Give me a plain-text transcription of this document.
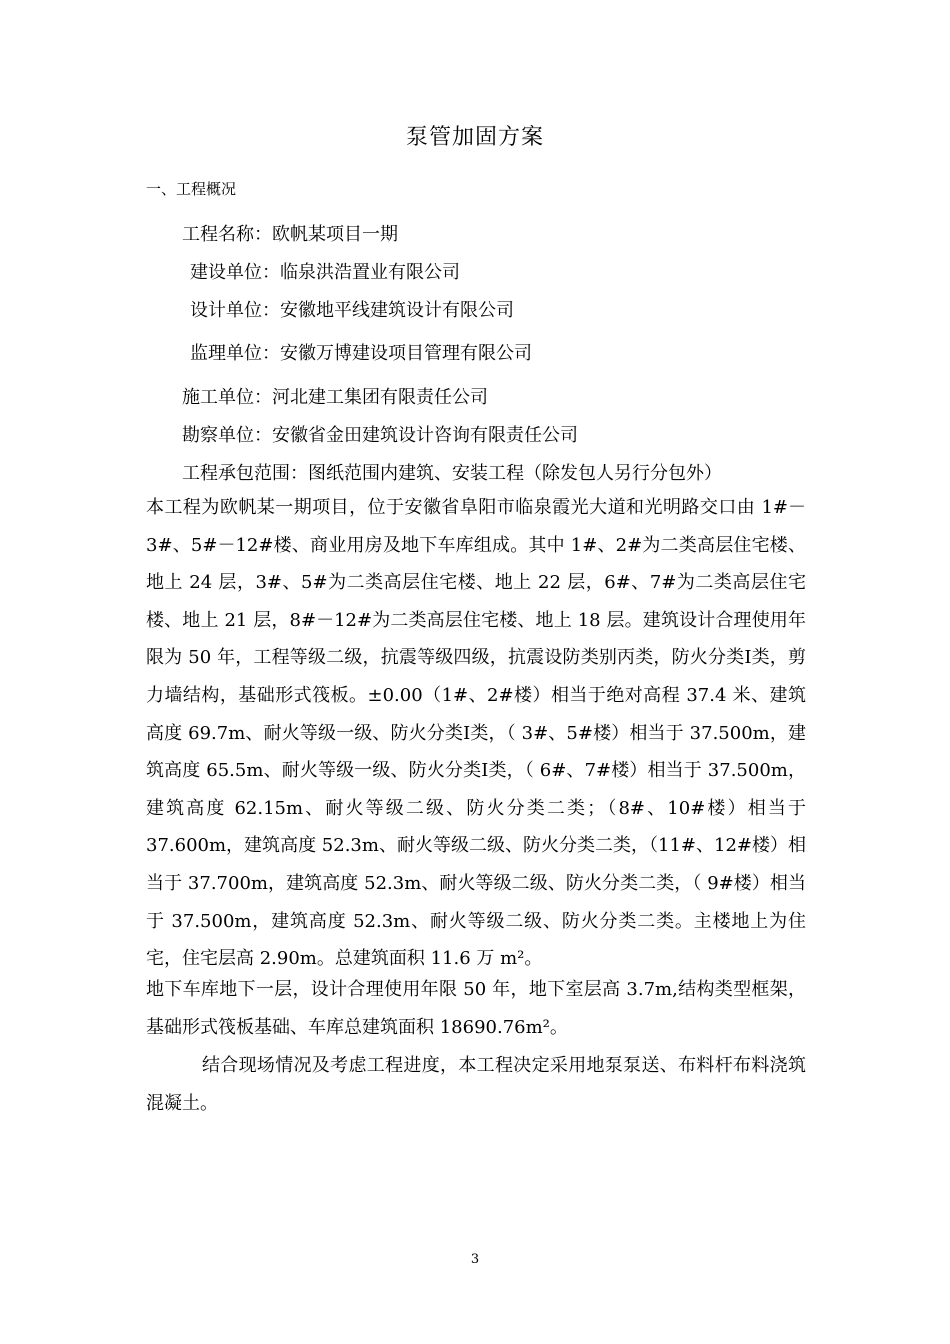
泵管加固方案
一、工程概况
工程名称：欧帆某项目一期
建设单位：临泉洪浩置业有限公司
设计单位：安徽地平线建筑设计有限公司
监理单位：安徽万博建设项目管理有限公司
施工单位：河北建工集团有限责任公司
勘察单位：安徽省金田建筑设计咨询有限责任公司
工程承包范围：图纸范围内建筑、安装工程（除发包人另行分包外）

本工程为欧帆某一期项目，位于安徽省阜阳市临泉霞光大道和光明路交口由 1#－3#、5#－12#楼、商业用房及地下车库组成。其中 1#、2#为二类高层住宅楼、地上 24 层，3#、5#为二类高层住宅楼、地上 22 层，6#、7#为二类高层住宅楼、地上 21 层，8#－12#为二类高层住宅楼、地上 18 层。建筑设计合理使用年限为 50 年，工程等级二级，抗震等级四级，抗震设防类别丙类，防火分类Ⅰ类，剪力墙结构，基础形式筏板。±0.00（1#、2#楼）相当于绝对高程 37.4 米、建筑高度 69.7m、耐火等级一级、防火分类Ⅰ类，（ 3#、5#楼）相当于 37.500m，建筑高度 65.5m、耐火等级一级、防火分类Ⅰ类，（ 6#、7#楼）相当于 37.500m，建筑高度 62.15m、耐火等级二级、防火分类二类；（8#、10#楼）相当于 37.600m，建筑高度 52.3m、耐火等级二级、防火分类二类，（11#、12#楼）相当于 37.700m，建筑高度 52.3m、耐火等级二级、防火分类二类，（ 9#楼）相当于 37.500m，建筑高度 52.3m、耐火等级二级、防火分类二类。主楼地上为住宅，住宅层高 2.90m。总建筑面积 11.6 万 m²。

地下车库地下一层，设计合理使用年限 50 年，地下室层高 3.7m,结构类型框架，基础形式筏板基础、车库总建筑面积 18690.76m²。

结合现场情况及考虑工程进度，本工程决定采用地泵泵送、布料杆布料浇筑混凝土。

3
